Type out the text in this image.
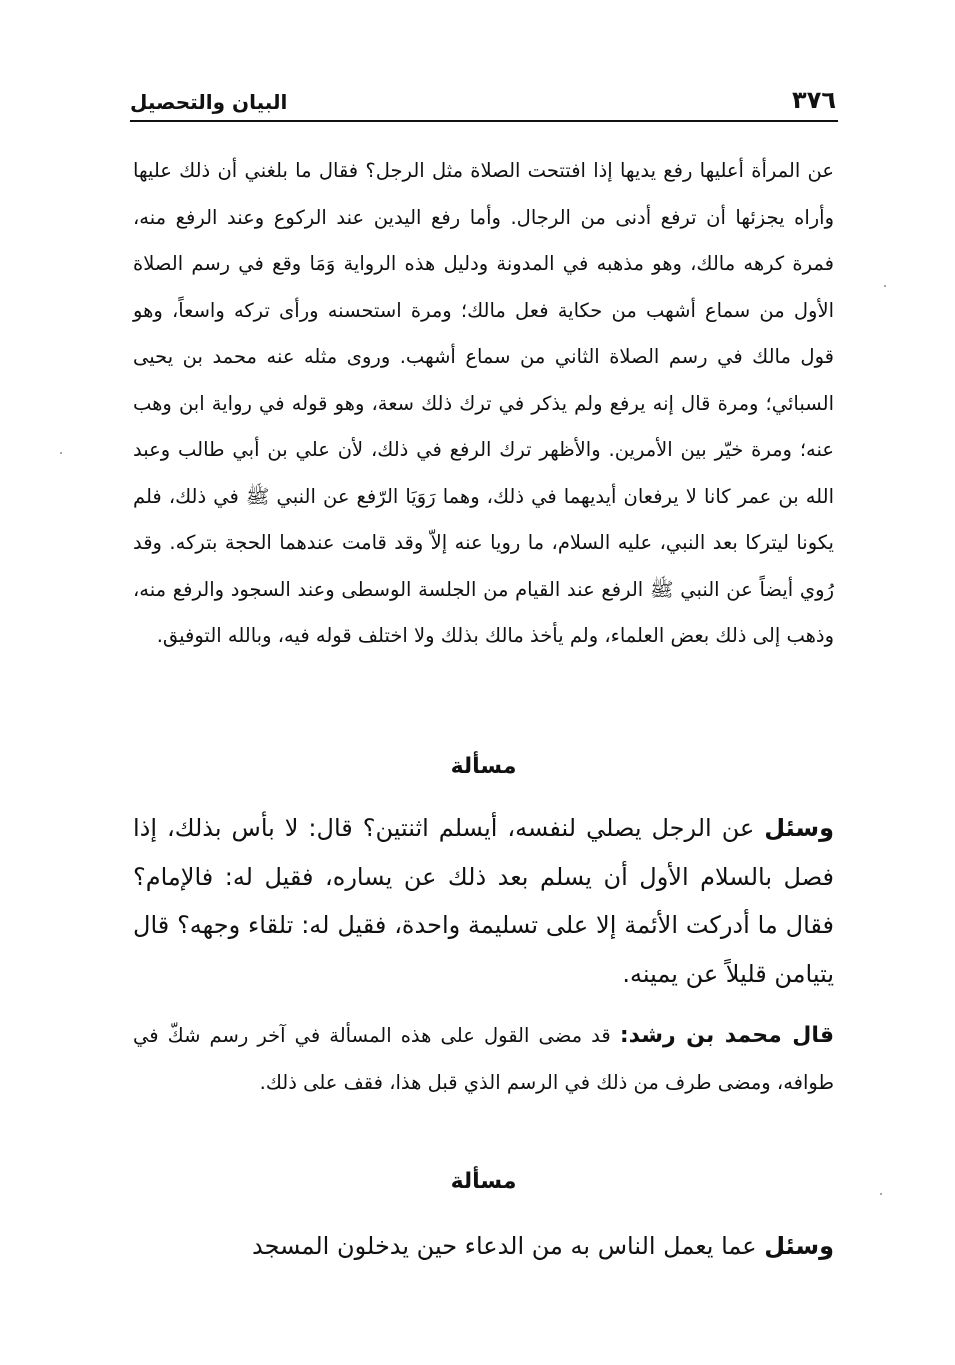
٣٧٦
البيان والتحصيل

عن المرأة أعليها رفع يديها إذا افتتحت الصلاة مثل الرجل؟ فقال ما بلغني أن ذلك عليها وأراه يجزئها أن ترفع أدنى من الرجال. وأما رفع اليدين عند الركوع وعند الرفع منه، فمرة كرهه مالك، وهو مذهبه في المدونة ودليل هذه الرواية وَمَا وقع في رسم الصلاة الأول من سماع أشهب من حكاية فعل مالك؛ ومرة استحسنه ورأى تركه واسعاً، وهو قول مالك في رسم الصلاة الثاني من سماع أشهب. وروى مثله عنه محمد بن يحيى السبائي؛ ومرة قال إنه يرفع ولم يذكر في ترك ذلك سعة، وهو قوله في رواية ابن وهب عنه؛ ومرة خيّر بين الأمرين. والأظهر ترك الرفع في ذلك، لأن علي بن أبي طالب وعبد الله بن عمر كانا لا يرفعان أيديهما في ذلك، وهما رَوَيَا الرّفع عن النبي ﷺ في ذلك، فلم يكونا ليتركا بعد النبي، عليه السلام، ما رويا عنه إلاّ وقد قامت عندهما الحجة بتركه. وقد رُوي أيضاً عن النبي ﷺ الرفع عند القيام من الجلسة الوسطى وعند السجود والرفع منه، وذهب إلى ذلك بعض العلماء، ولم يأخذ مالك بذلك ولا اختلف قوله فيه، وبالله التوفيق.

مسألة

وسئل عن الرجل يصلي لنفسه، أيسلم اثنتين؟ قال: لا بأس بذلك، إذا فصل بالسلام الأول أن يسلم بعد ذلك عن يساره، فقيل له: فالإمام؟ فقال ما أدركت الأئمة إلا على تسليمة واحدة، فقيل له: تلقاء وجهه؟ قال يتيامن قليلاً عن يمينه.

قال محمد بن رشد: قد مضى القول على هذه المسألة في آخر رسم شكّ في طوافه، ومضى طرف من ذلك في الرسم الذي قبل هذا، فقف على ذلك.

مسألة

وسئل عما يعمل الناس به من الدعاء حين يدخلون المسجد
